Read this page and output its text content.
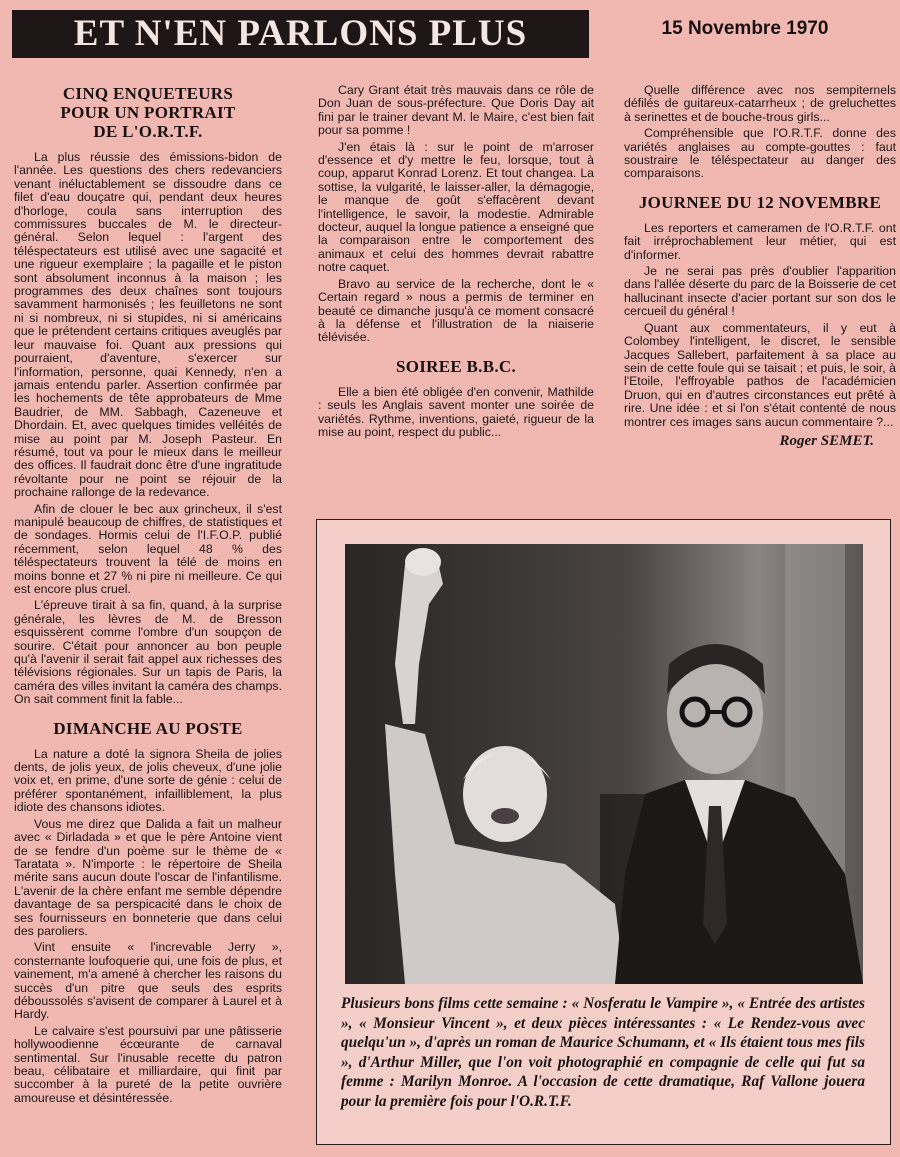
ET N'EN PARLONS PLUS	15 Novembre 1970
CINQ ENQUETEURS
POUR UN PORTRAIT
DE L'O.R.T.F.

La plus réussie des émissions-bidon de l'année. Les questions des chers redevanciers venant inéluctablement se dissoudre dans ce filet d'eau douçatre qui, pendant deux heures d'horloge, coula sans interruption des commissures buccales de M. le directeur-général. Selon lequel : l'argent des téléspectateurs est utilisé avec une sagacité et une rigueur exemplaire ; la pagaille et le piston sont absolument inconnus à la maison ; les programmes des deux chaînes sont toujours savamment harmonisés ; les feuilletons ne sont ni si nombreux, ni si stupides, ni si américains que le prétendent certains critiques aveuglés par leur mauvaise foi. Quant aux pressions qui pourraient, d'aventure, s'exercer sur l'information, personne, quai Kennedy, n'en a jamais entendu parler. Assertion confirmée par les hochements de tête approbateurs de Mme Baudrier, de MM. Sabbagh, Cazeneuve et Dhordain. Et, avec quelques timides velléités de mise au point par M. Joseph Pasteur. En résumé, tout va pour le mieux dans le meilleur des offices. Il faudrait donc être d'une ingratitude révoltante pour ne point se réjouir de la prochaine rallonge de la redevance.

Afin de clouer le bec aux grincheux, il s'est manipulé beaucoup de chiffres, de statistiques et de sondages. Hormis celui de l'I.F.O.P. publié récemment, selon lequel 48 % des téléspectateurs trouvent la télé de moins en moins bonne et 27 % ni pire ni meilleure. Ce qui est encore plus cruel.

L'épreuve tirait à sa fin, quand, à la surprise générale, les lèvres de M. de Bresson esquissèrent comme l'ombre d'un soupçon de sourire. C'était pour annoncer au bon peuple qu'à l'avenir il serait fait appel aux richesses des télévisions régionales. Sur un tapis de Paris, la caméra des villes invitant la caméra des champs. On sait comment finit la fable...

DIMANCHE AU POSTE

La nature a doté la signora Sheila de jolies dents, de jolis yeux, de jolis cheveux, d'une jolie voix et, en prime, d'une sorte de génie : celui de préférer spontanément, infailliblement, la plus idiote des chansons idiotes.

Vous me direz que Dalida a fait un malheur avec « Dirladada » et que le père Antoine vient de se fendre d'un poème sur le thème de « Taratata ». N'importe : le répertoire de Sheila mérite sans aucun doute l'oscar de l'infantilisme. L'avenir de la chère enfant me semble dépendre davantage de sa perspicacité dans le choix de ses fournisseurs en bonneterie que dans celui des paroliers.

Vint ensuite « l'increvable Jerry », consternante loufoquerie qui, une fois de plus, et vainement, m'a amené à chercher les raisons du succès d'un pitre que seuls des esprits déboussolés s'avisent de comparer à Laurel et à Hardy.

Le calvaire s'est poursuivi par une pâtisserie hollywoodienne écœurante de carnaval sentimental. Sur l'inusable recette du patron beau, célibataire et milliardaire, qui finit par succomber à la pureté de la petite ouvrière amoureuse et désintéressée.

Cary Grant était très mauvais dans ce rôle de Don Juan de sous-préfecture. Que Doris Day ait fini par le trainer devant M. le Maire, c'est bien fait pour sa pomme !

J'en étais là : sur le point de m'arroser d'essence et d'y mettre le feu, lorsque, tout à coup, apparut Konrad Lorenz. Et tout changea. La sottise, la vulgarité, le laisser-aller, la démagogie, le manque de goût s'effacèrent devant l'intelligence, le savoir, la modestie. Admirable docteur, auquel la longue patience a enseigné que la comparaison entre le comportement des animaux et celui des hommes devrait rabattre notre caquet.

Bravo au service de la recherche, dont le « Certain regard » nous a permis de terminer en beauté ce dimanche jusqu'à ce moment consacré à la défense et l'illustration de la niaiserie télévisée.

SOIREE B.B.C.

Elle a bien été obligée d'en convenir, Mathilde : seuls les Anglais savent monter une soirée de variétés. Rythme, inventions, gaieté, rigueur de la mise au point, respect du public...

Quelle différence avec nos sempiternels défilés de guitareux-catarrheux ; de greluchettes à serinettes et de bouche-trous girls...

Compréhensible que l'O.R.T.F. donne des variétés anglaises au compte-gouttes : faut soustraire le téléspectateur au danger des comparaisons.

JOURNEE DU 12 NOVEMBRE

Les reporters et cameramen de l'O.R.T.F. ont fait irréprochablement leur métier, qui est d'informer.

Je ne serai pas près d'oublier l'apparition dans l'allée déserte du parc de la Boisserie de cet hallucinant insecte d'acier portant sur son dos le cercueil du général !

Quant aux commentateurs, il y eut à Colombey l'intelligent, le discret, le sensible Jacques Sallebert, parfaitement à sa place au sein de cette foule qui se taisait ; et puis, le soir, à l'Etoile, l'effroyable pathos de l'académicien Druon, qui en d'autres circonstances eut prêté à rire. Une idée : et si l'on s'était contenté de nous montrer ces images sans aucun commentaire ?...

Roger SEMET.
Plusieurs bons films cette semaine : « Nosferatu le Vampire », « Entrée des artistes », « Monsieur Vincent », et deux pièces intéressantes : « Le Rendez-vous avec quelqu'un », d'après un roman de Maurice Schumann, et « Ils étaient tous mes fils », d'Arthur Miller, que l'on voit photographié en compagnie de celle qui fut sa femme : Marilyn Monroe. A l'occasion de cette dramatique, Raf Vallone jouera pour la première fois pour l'O.R.T.F.
